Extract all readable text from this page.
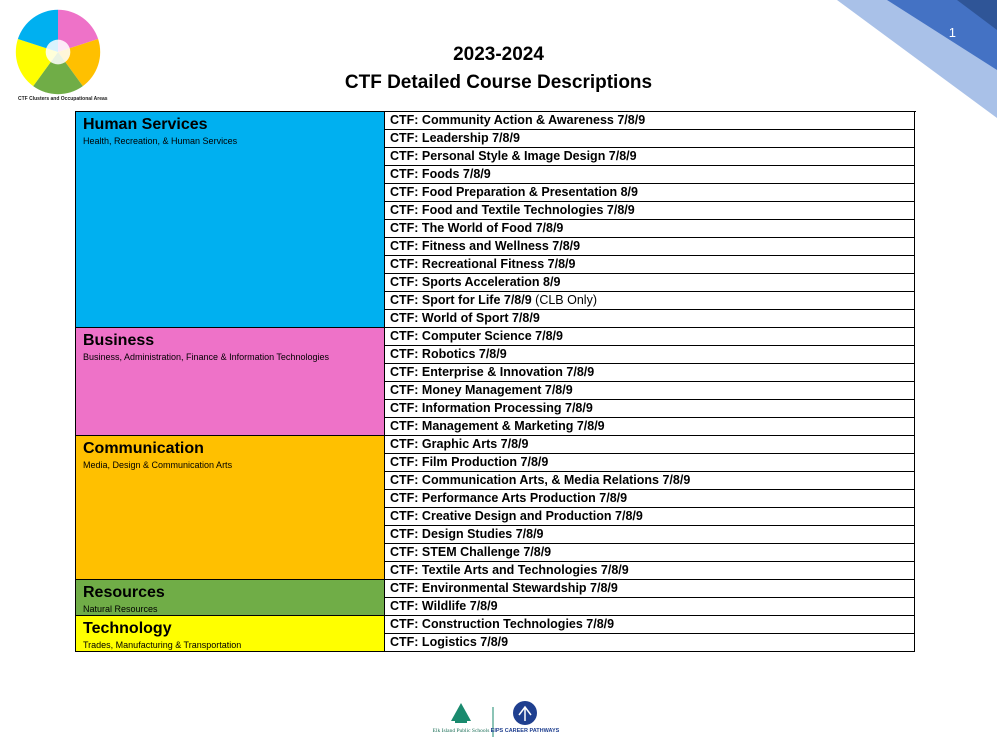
1
CTF Clusters and Occupational Areas
2023-2024
CTF Detailed Course Descriptions
Human Services
Health, Recreation, & Human Services
Business
Business, Administration, Finance & Information Technologies
Communication
Media, Design & Communication Arts
Resources
Natural Resources
Technology
Trades, Manufacturing & Transportation
CTF: Community Action & Awareness 7/8/9
CTF: Leadership 7/8/9
CTF: Personal Style & Image Design 7/8/9
CTF: Foods 7/8/9
CTF: Food Preparation & Presentation 8/9
CTF: Food and Textile Technologies 7/8/9
CTF: The World of Food 7/8/9
CTF: Fitness and Wellness 7/8/9
CTF: Recreational Fitness 7/8/9
CTF: Sports Acceleration 8/9
CTF: Sport for Life 7/8/9 (CLB Only)
CTF: World of Sport 7/8/9
CTF: Computer Science 7/8/9
CTF: Robotics 7/8/9
CTF: Enterprise & Innovation 7/8/9
CTF: Money Management 7/8/9
CTF: Information Processing 7/8/9
CTF: Management & Marketing 7/8/9
CTF: Graphic Arts 7/8/9
CTF: Film Production 7/8/9
CTF: Communication Arts, & Media Relations 7/8/9
CTF: Performance Arts Production 7/8/9
CTF: Creative Design and Production 7/8/9
CTF: Design Studies 7/8/9
CTF: STEM Challenge 7/8/9
CTF: Textile Arts and Technologies 7/8/9
CTF: Environmental Stewardship 7/8/9
CTF: Wildlife 7/8/9
CTF: Construction Technologies 7/8/9
CTF: Logistics 7/8/9
Elk Island Public Schools EIPS CAREER PATHWAYS
